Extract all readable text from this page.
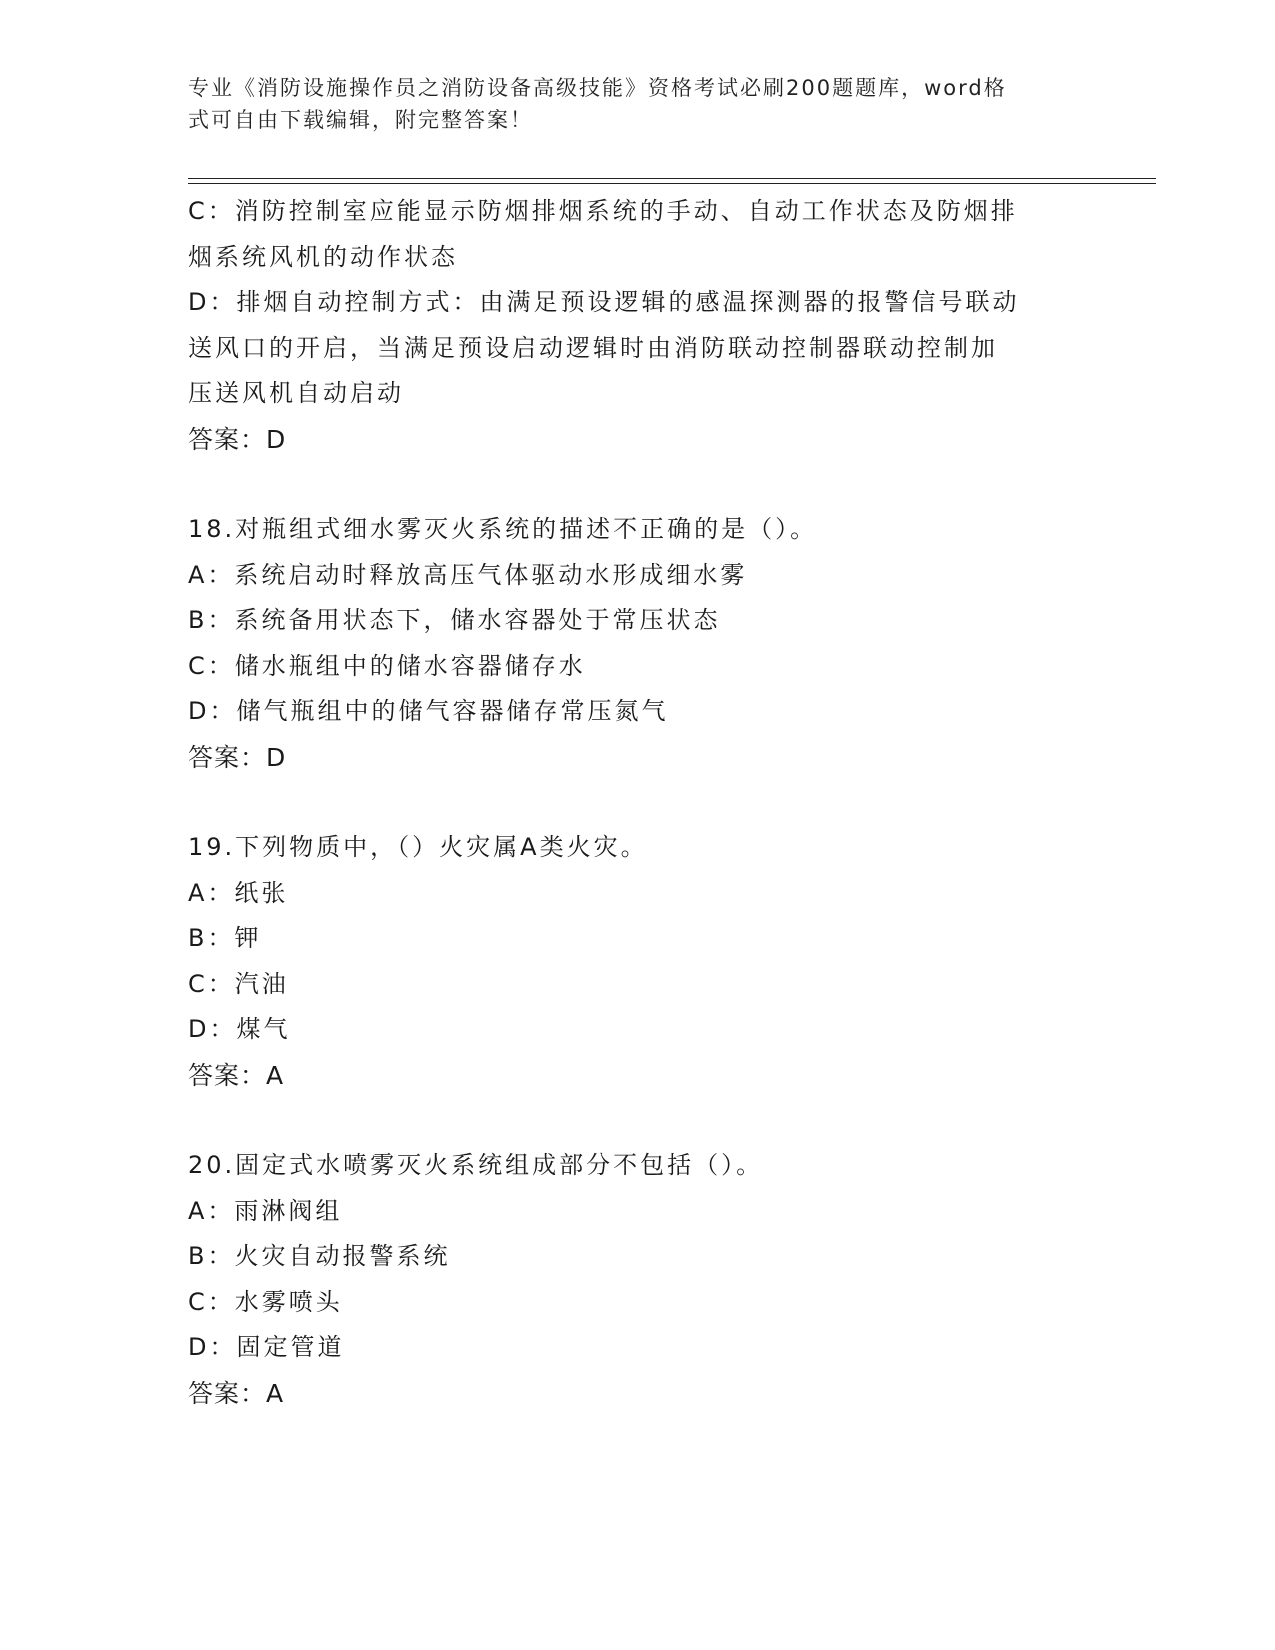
专业《消防设施操作员之消防设备高级技能》资格考试必刷200题题库，word格
式可自由下载编辑，附完整答案！
C：消防控制室应能显示防烟排烟系统的手动、自动工作状态及防烟排
烟系统风机的动作状态
D：排烟自动控制方式：由满足预设逻辑的感温探测器的报警信号联动
送风口的开启，当满足预设启动逻辑时由消防联动控制器联动控制加
压送风机自动启动
答案：D
18.对瓶组式细水雾灭火系统的描述不正确的是（）。
A：系统启动时释放高压气体驱动水形成细水雾
B：系统备用状态下，储水容器处于常压状态
C：储水瓶组中的储水容器储存水
D：储气瓶组中的储气容器储存常压氮气
答案：D
19.下列物质中，（）火灾属A类火灾。
A：纸张
B：钾
C：汽油
D：煤气
答案：A
20.固定式水喷雾灭火系统组成部分不包括（）。
A：雨淋阀组
B：火灾自动报警系统
C：水雾喷头
D：固定管道
答案：A
